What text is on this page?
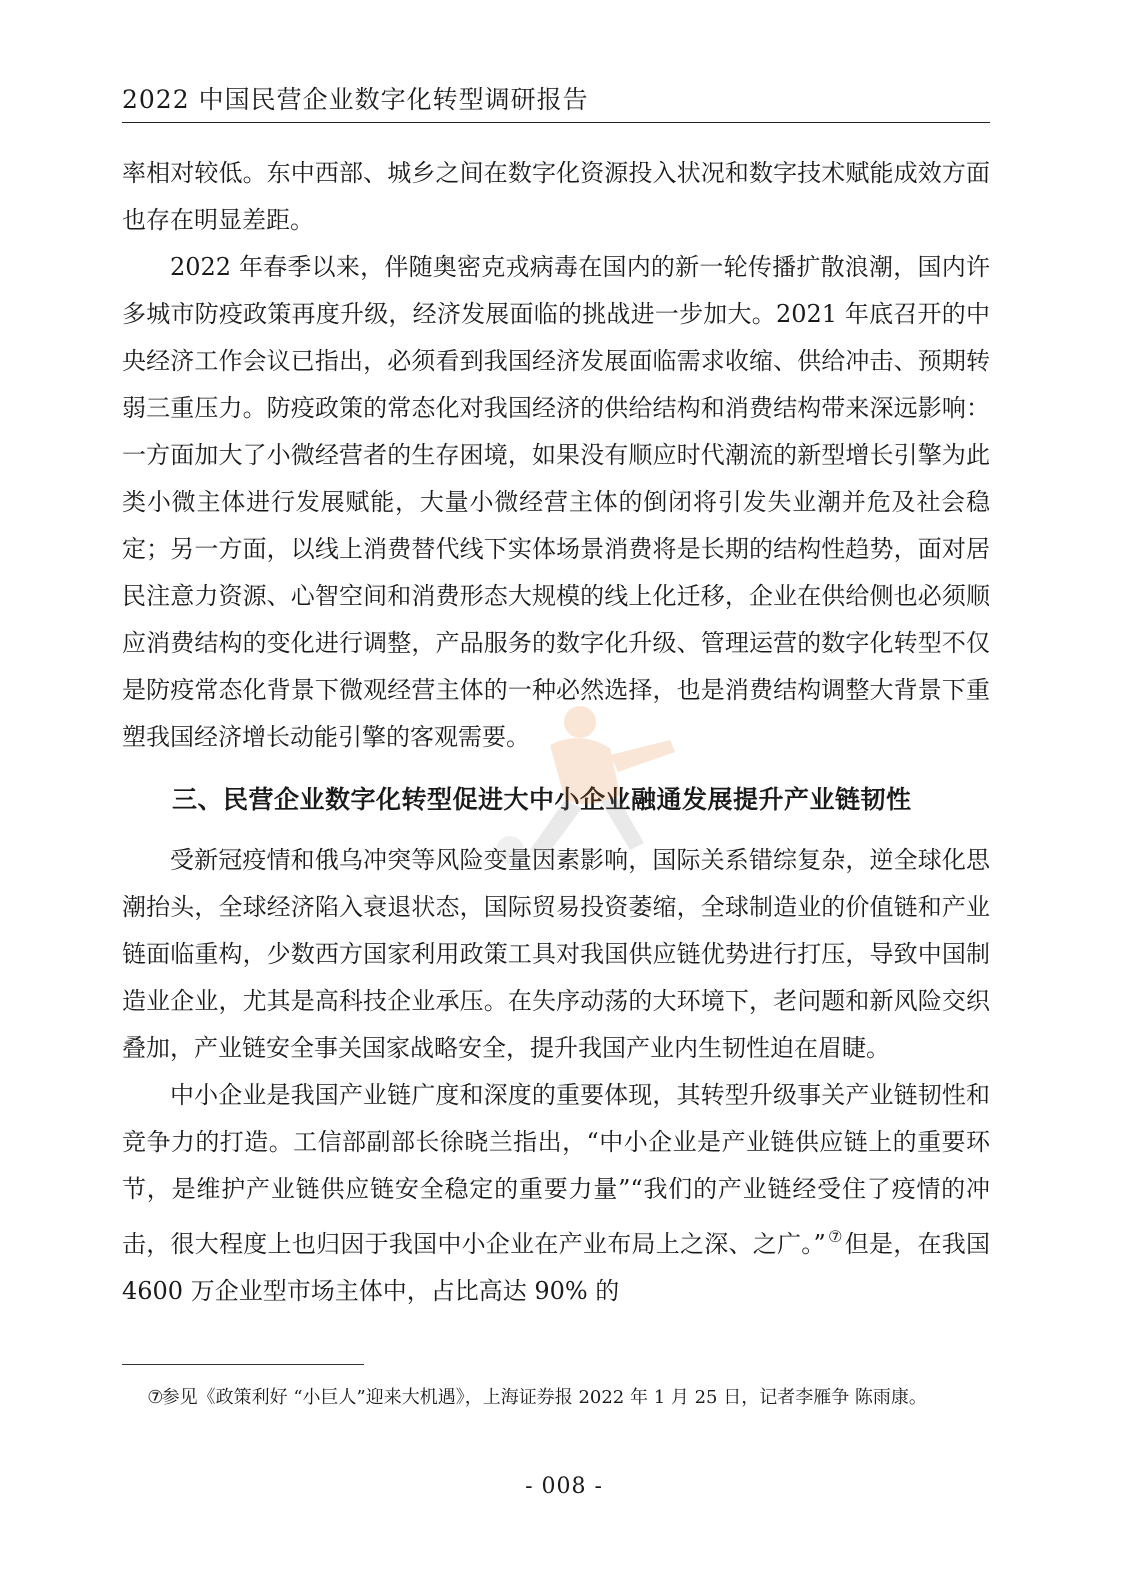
2022 中国民营企业数字化转型调研报告

率相对较低。东中西部、城乡之间在数字化资源投入状况和数字技术赋能成效方面也存在明显差距。

2022 年春季以来，伴随奥密克戎病毒在国内的新一轮传播扩散浪潮，国内许多城市防疫政策再度升级，经济发展面临的挑战进一步加大。2021 年底召开的中央经济工作会议已指出，必须看到我国经济发展面临需求收缩、供给冲击、预期转弱三重压力。防疫政策的常态化对我国经济的供给结构和消费结构带来深远影响：一方面加大了小微经营者的生存困境，如果没有顺应时代潮流的新型增长引擎为此类小微主体进行发展赋能，大量小微经营主体的倒闭将引发失业潮并危及社会稳定；另一方面，以线上消费替代线下实体场景消费将是长期的结构性趋势，面对居民注意力资源、心智空间和消费形态大规模的线上化迁移，企业在供给侧也必须顺应消费结构的变化进行调整，产品服务的数字化升级、管理运营的数字化转型不仅是防疫常态化背景下微观经营主体的一种必然选择，也是消费结构调整大背景下重塑我国经济增长动能引擎的客观需要。

三、民营企业数字化转型促进大中小企业融通发展提升产业链韧性

受新冠疫情和俄乌冲突等风险变量因素影响，国际关系错综复杂，逆全球化思潮抬头，全球经济陷入衰退状态，国际贸易投资萎缩，全球制造业的价值链和产业链面临重构，少数西方国家利用政策工具对我国供应链优势进行打压，导致中国制造业企业，尤其是高科技企业承压。在失序动荡的大环境下，老问题和新风险交织叠加，产业链安全事关国家战略安全，提升我国产业内生韧性迫在眉睫。

中小企业是我国产业链广度和深度的重要体现，其转型升级事关产业链韧性和竞争力的打造。工信部副部长徐晓兰指出，“中小企业是产业链供应链上的重要环节，是维护产业链供应链安全稳定的重要力量”“我们的产业链经受住了疫情的冲击，很大程度上也归因于我国中小企业在产业布局上之深、之广。” ⑦但是，在我国 4600 万企业型市场主体中，占比高达 90% 的

⑦参见《政策利好 “小巨人”迎来大机遇》，上海证券报 2022 年 1 月 25 日，记者李雁争 陈雨康。
- 008 -
